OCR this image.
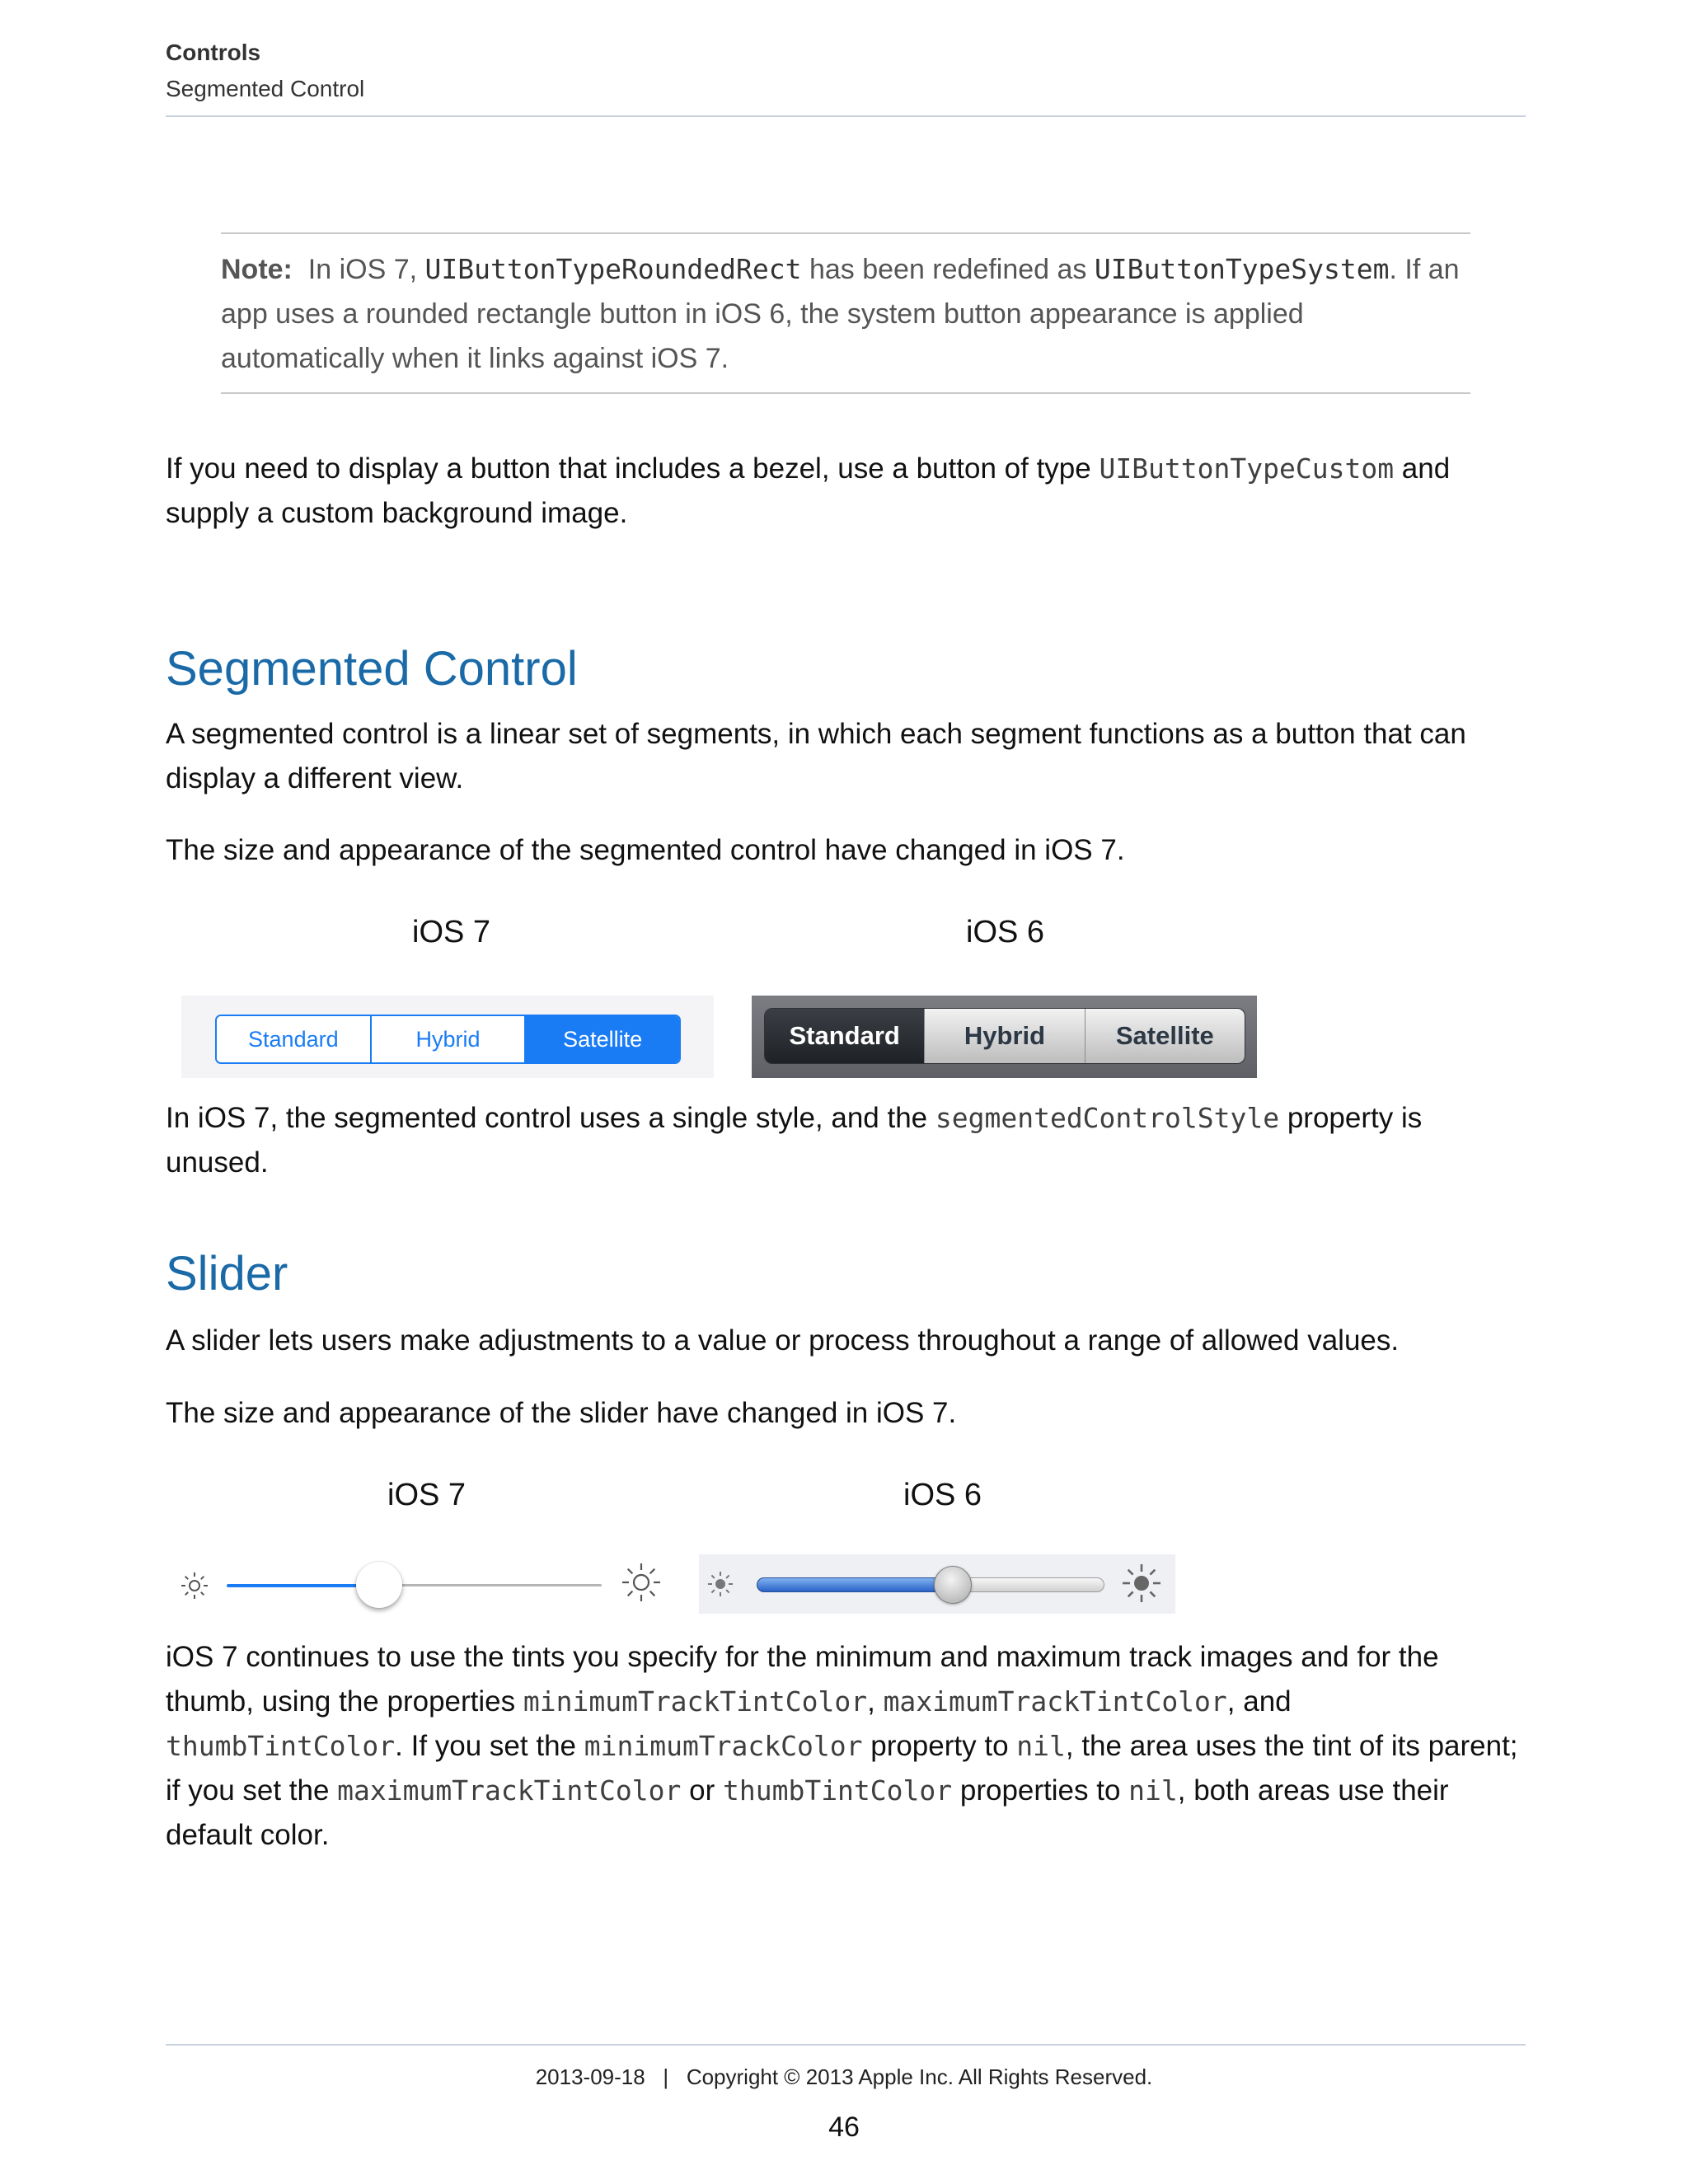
Controls
Segmented Control
Note: In iOS 7, UIButtonTypeRoundedRect has been redefined as UIButtonTypeSystem. If an app uses a rounded rectangle button in iOS 6, the system button appearance is applied automatically when it links against iOS 7.
If you need to display a button that includes a bezel, use a button of type UIButtonTypeCustom and supply a custom background image.
Segmented Control
A segmented control is a linear set of segments, in which each segment functions as a button that can display a different view.
The size and appearance of the segmented control have changed in iOS 7.
iOS 7	iOS 6
Standard	Hybrid	Satellite	Standard	Hybrid	Satellite
In iOS 7, the segmented control uses a single style, and the segmentedControlStyle property is unused.
Slider
A slider lets users make adjustments to a value or process throughout a range of allowed values.
The size and appearance of the slider have changed in iOS 7.
iOS 7	iOS 6
iOS 7 continues to use the tints you specify for the minimum and maximum track images and for the thumb, using the properties minimumTrackTintColor, maximumTrackTintColor, and thumbTintColor. If you set the minimumTrackColor property to nil, the area uses the tint of its parent; if you set the maximumTrackTintColor or thumbTintColor properties to nil, both areas use their default color.
2013-09-18 | Copyright © 2013 Apple Inc. All Rights Reserved.
46
